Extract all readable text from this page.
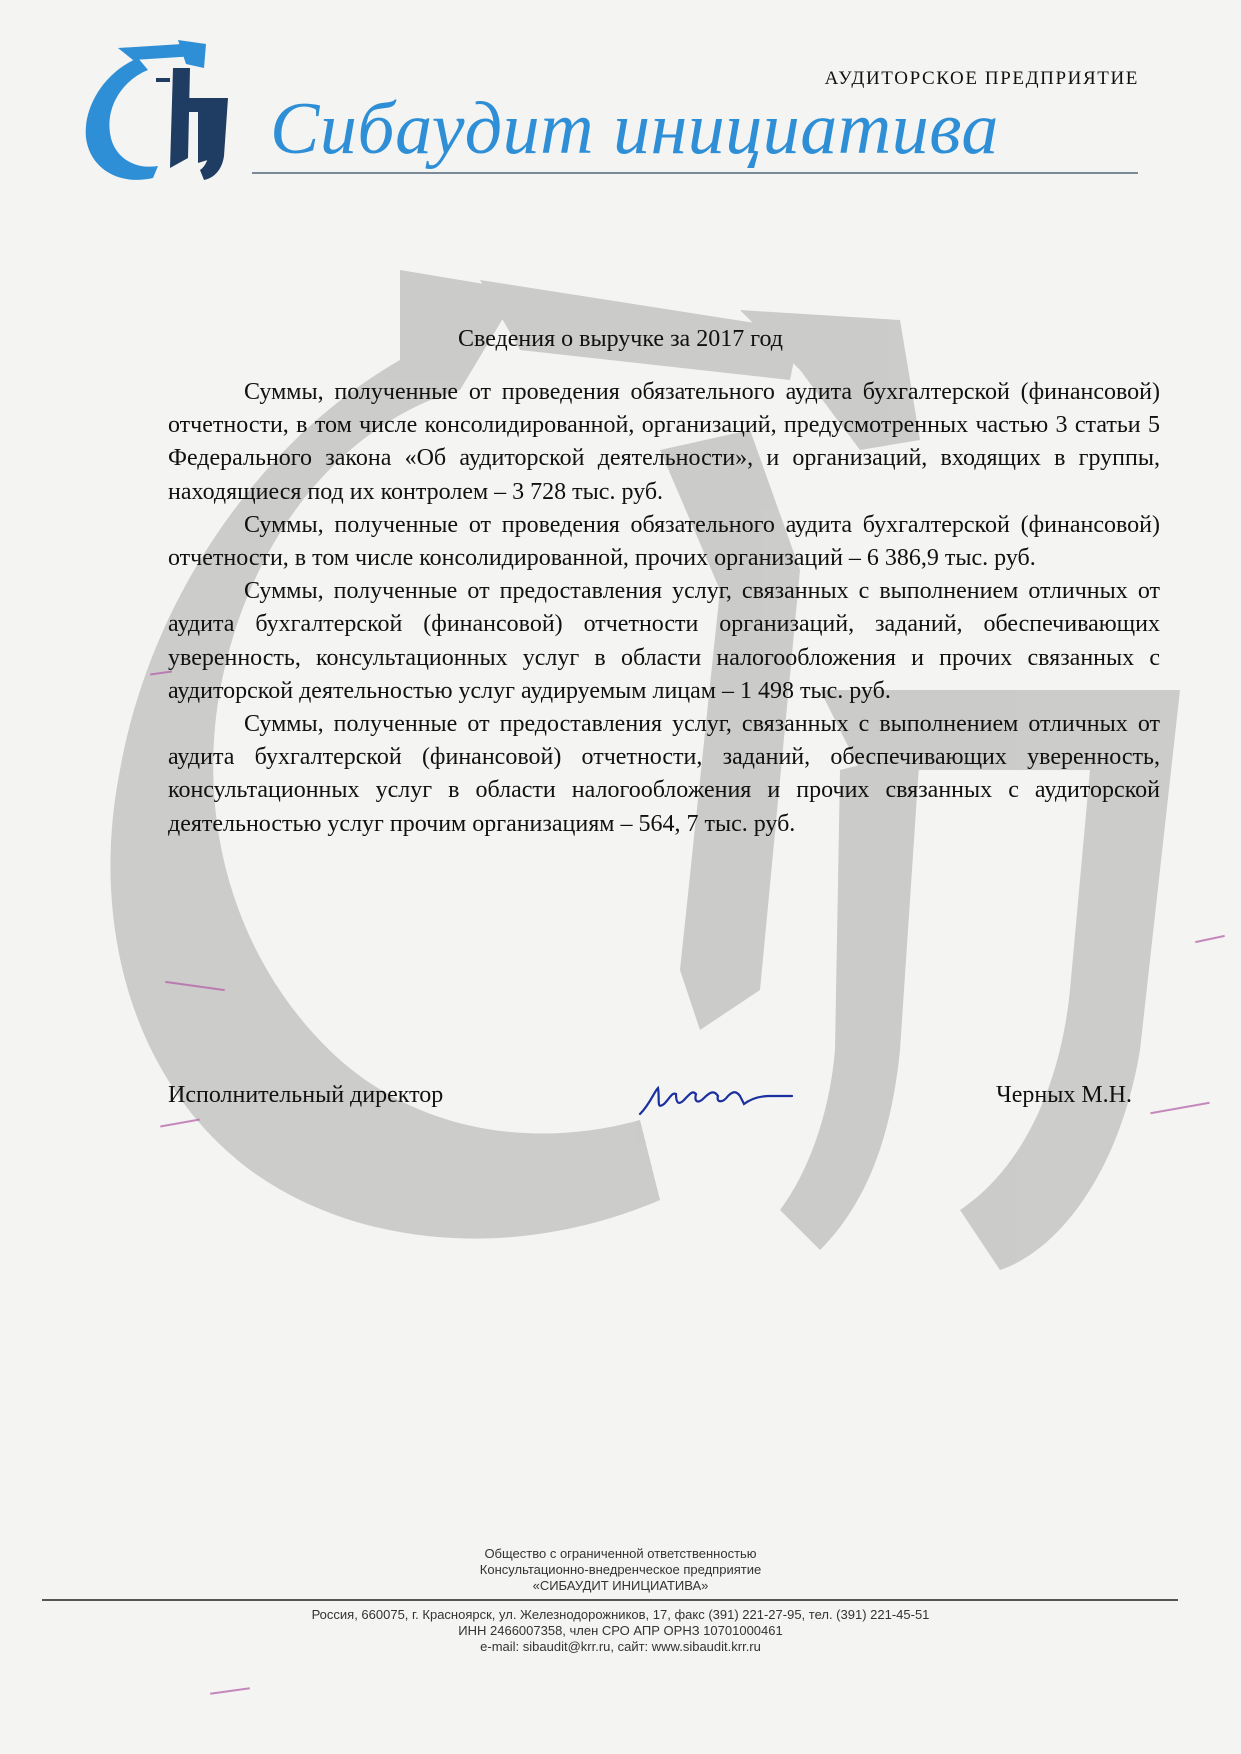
АУДИТОРСКОЕ ПРЕДПРИЯТИЕ
Сибаудит инициатива
Сведения о выручке за 2017 год

Суммы, полученные от проведения обязательного аудита бухгалтерской (финансовой) отчетности, в том числе консолидированной, организаций, предусмотренных частью 3 статьи 5 Федерального закона «Об аудиторской деятельности», и организаций, входящих в группы, находящиеся под их контролем – 3 728 тыс. руб.

Суммы, полученные от проведения обязательного аудита бухгалтерской (финансовой) отчетности, в том числе консолидированной, прочих организаций – 6 386,9 тыс. руб.

Суммы, полученные от предоставления услуг, связанных с выполнением отличных от аудита бухгалтерской (финансовой) отчетности организаций, заданий, обеспечивающих уверенность, консультационных услуг в области налогообложения и прочих связанных с аудиторской деятельностью услуг аудируемым лицам – 1 498 тыс. руб.

Суммы, полученные от предоставления услуг, связанных с выполнением отличных от аудита бухгалтерской (финансовой) отчетности, заданий, обеспечивающих уверенность, консультационных услуг в области налогообложения и прочих связанных с аудиторской деятельностью услуг прочим организациям – 564, 7 тыс. руб.

Исполнительный директор	Черных М.Н.
Общество с ограниченной ответственностью
Консультационно-внедренческое предприятие
«СИБАУДИТ ИНИЦИАТИВА»
Россия, 660075, г. Красноярск, ул. Железнодорожников, 17, факс (391) 221-27-95, тел. (391) 221-45-51
ИНН 2466007358, член СРО АПР ОРНЗ 10701000461
e-mail: sibaudit@krr.ru, сайт: www.sibaudit.krr.ru
